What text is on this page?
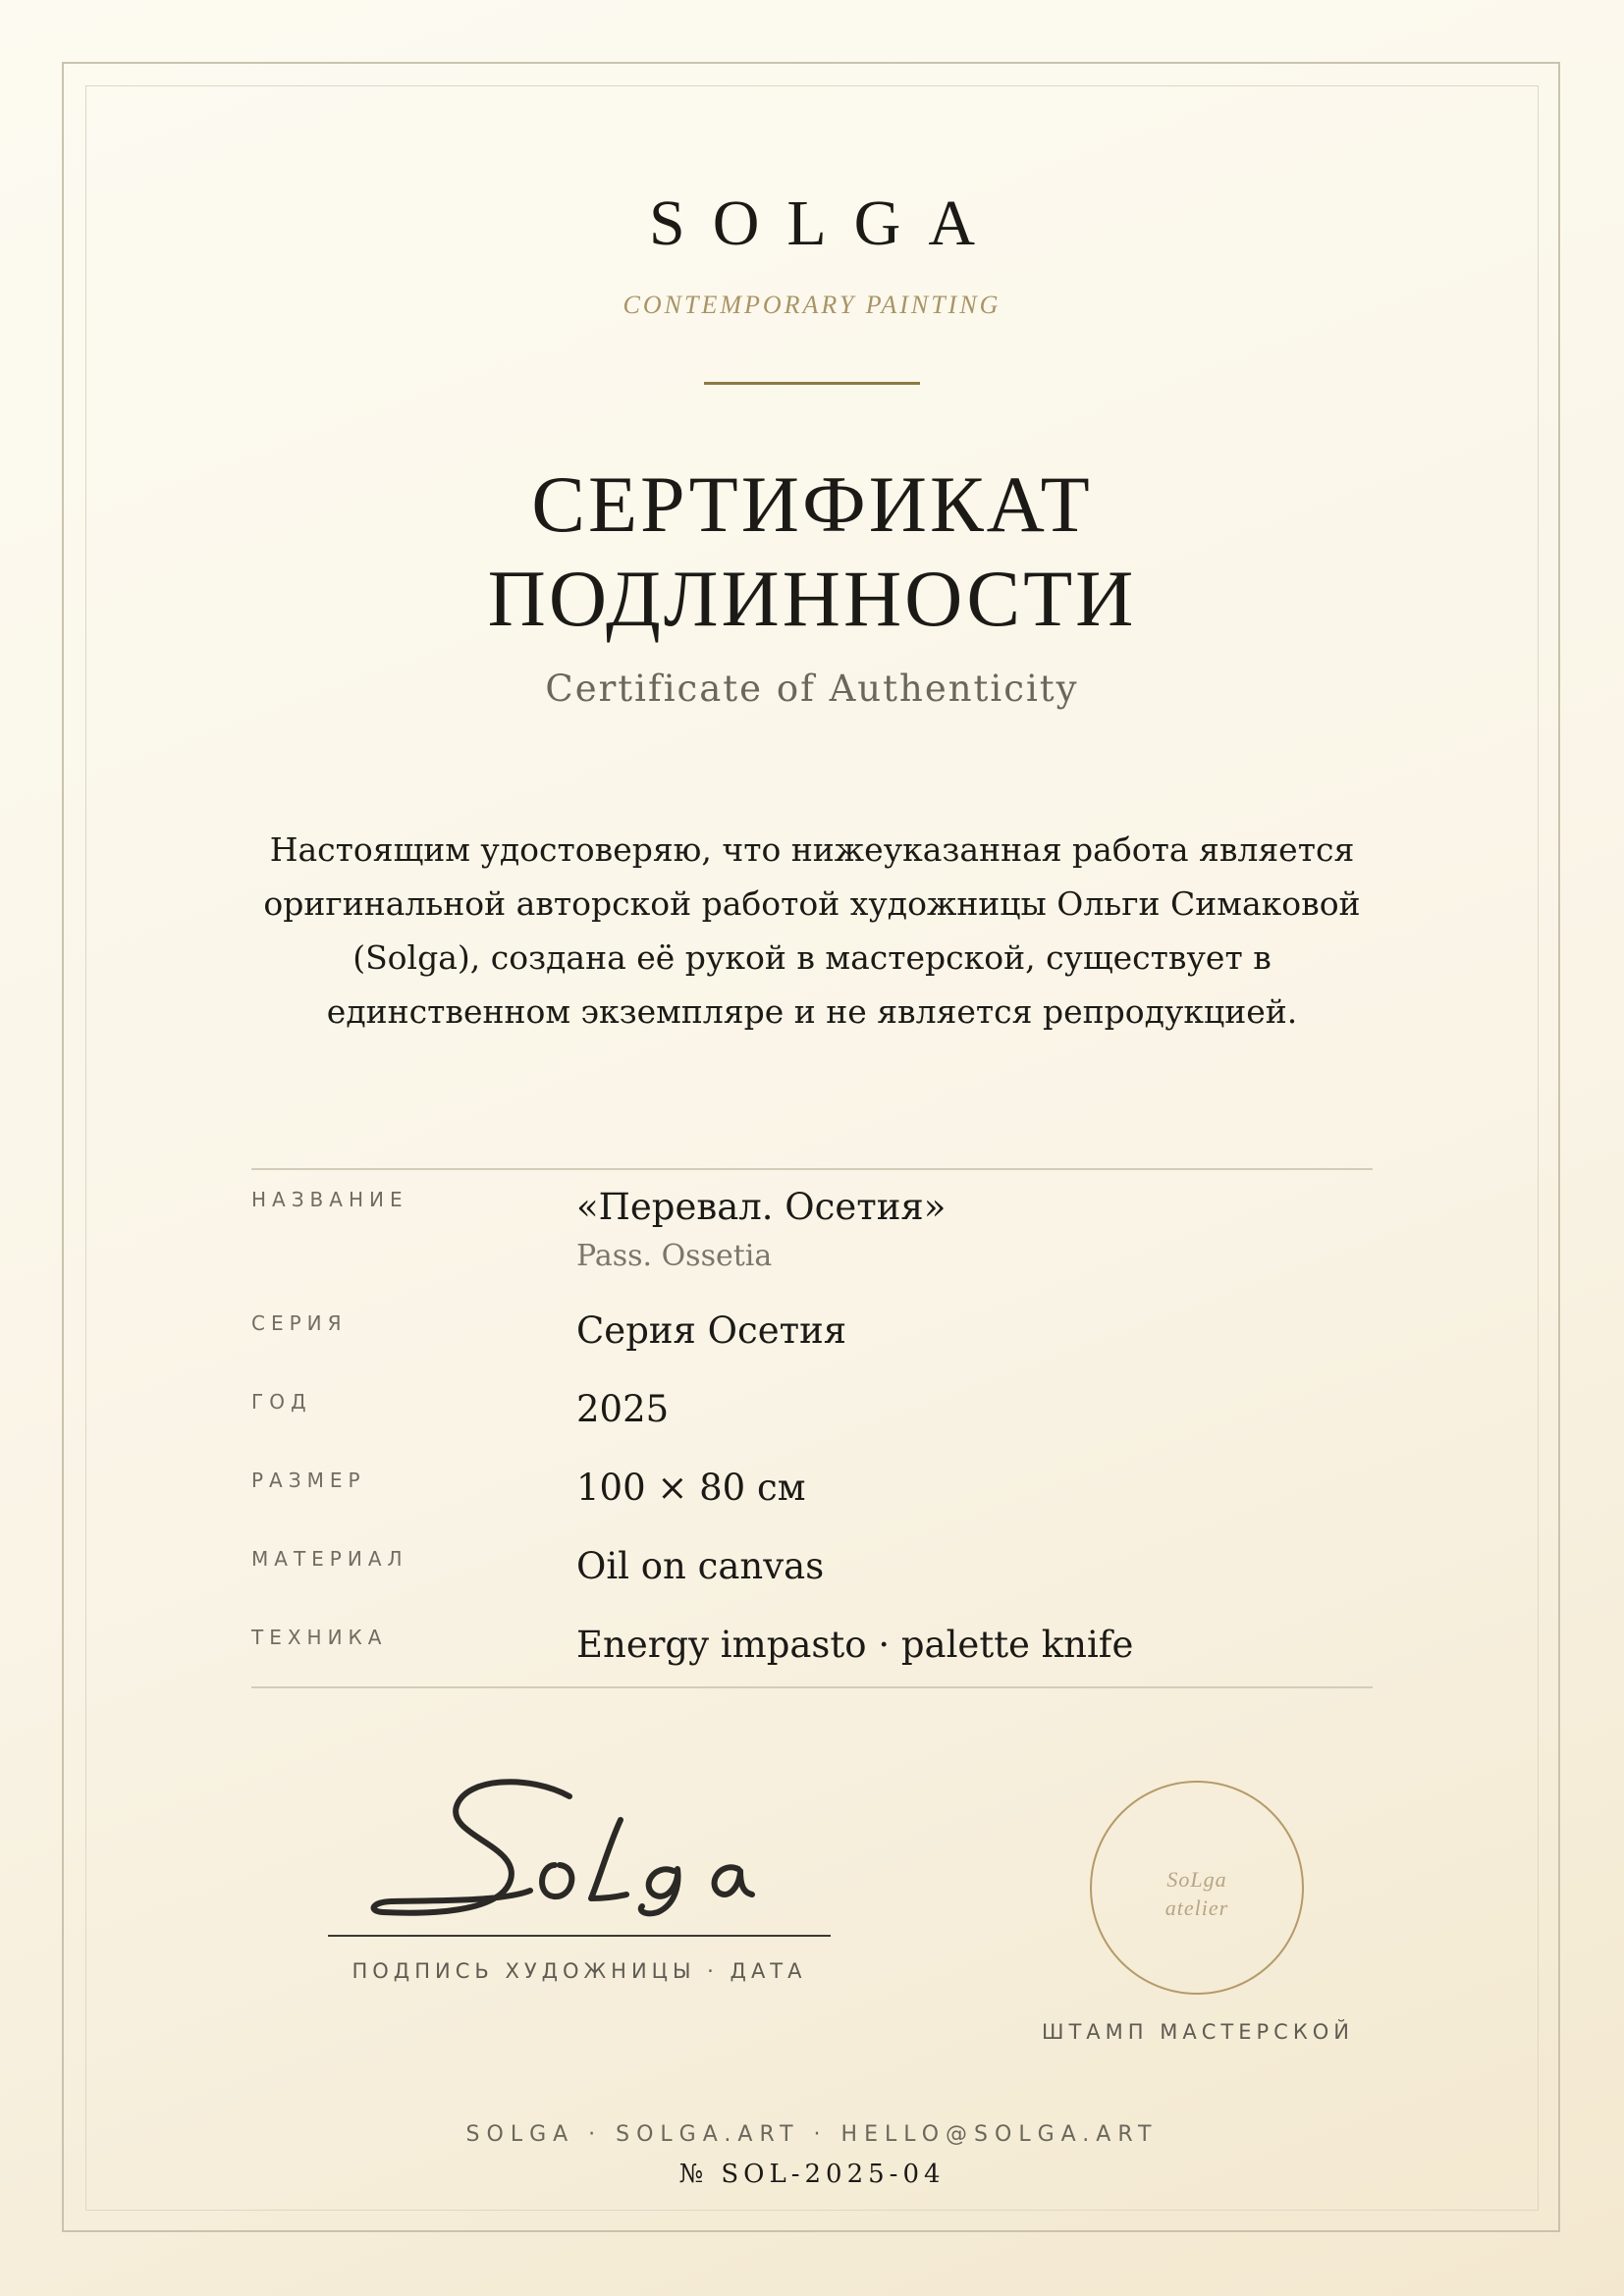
SOLGA
CONTEMPORARY PAINTING
СЕРТИФИКАТ
ПОДЛИННОСТИ
Certificate of Authenticity
Настоящим удостоверяю, что нижеуказанная работа является оригинальной авторской работой художницы Ольги Симаковой (Solga), создана её рукой в мастерской, существует в единственном экземпляре и не является репродукцией.
НАЗВАНИЕ	«Перевал. Осетия»
Pass. Ossetia
СЕРИЯ	Серия Осетия
ГОД	2025
РАЗМЕР	100 × 80 см
МАТЕРИАЛ	Oil on canvas
ТЕХНИКА	Energy impasto · palette knife
ПОДПИСЬ ХУДОЖНИЦЫ · ДАТА
SoLga
atelier
ШТАМП МАСТЕРСКОЙ
SOLGA · SOLGA.ART · HELLO@SOLGA.ART
№ SOL-2025-04
